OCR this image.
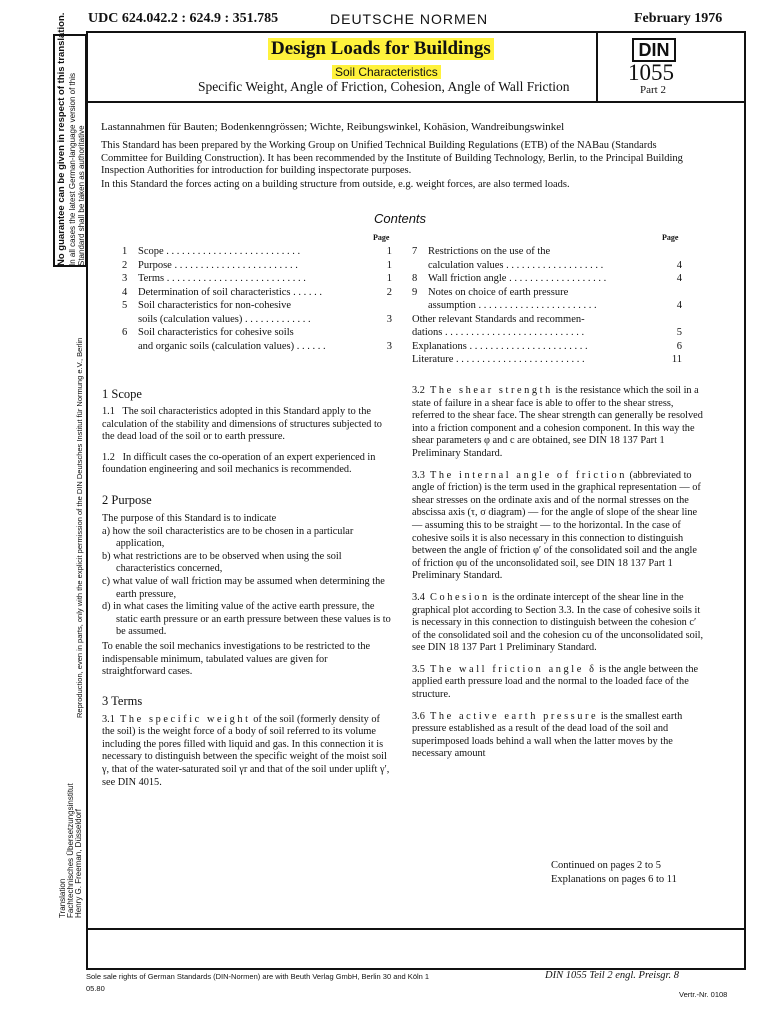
UDC 624.042.2 : 624.9 : 351.785	DEUTSCHE NORMEN	February 1976
Design Loads for Buildings
Soil Characteristics
Specific Weight, Angle of Friction, Cohesion, Angle of Wall Friction
DIN
1055
Part 2
No guarantee can be given in respect of this translation. In all cases the latest German-language version of this Standard shall be taken as authoritative
Reproduction, even in parts, only with the explicit permission of the DIN Deutsches Institut für Normung e.V., Berlin
Translation Fachtechnisches Übersetzungsinstitut Henry G. Freeman, Düsseldorf
Lastannahmen für Bauten; Bodenkenngrössen; Wichte, Reibungswinkel, Kohäsion, Wandreibungswinkel
This Standard has been prepared by the Working Group on Unified Technical Building Regulations (ETB) of the NABau (Standards Committee for Building Construction). It has been recommended by the Institute of Building Technology, Berlin, to the Principal Building Inspection Authorities for introduction for building inspectorate purposes.
In this Standard the forces acting on a building structure from outside, e.g. weight forces, are also termed loads.
Contents
Page	Page
1 Scope . . . . . . . . . . . . . . . . . . . . . . . . . .	1
2 Purpose . . . . . . . . . . . . . . . . . . . . . . . .	1
3 Terms . . . . . . . . . . . . . . . . . . . . . . . . . . .	1
4 Determination of soil characteristics . . . . . .	2
5 Soil characteristics for non-cohesive
soils (calculation values) . . . . . . . . . . . . .	3
6 Soil characteristics for cohesive soils
and organic soils (calculation values) . . . . . .	3
7 Restrictions on the use of the
calculation values . . . . . . . . . . . . . . . . . . .	4
8 Wall friction angle . . . . . . . . . . . . . . . . . . .	4
9 Notes on choice of earth pressure
assumption . . . . . . . . . . . . . . . . . . . . . . .	4
Other relevant Standards and recommen-
dations . . . . . . . . . . . . . . . . . . . . . . . . . . .	5
Explanations . . . . . . . . . . . . . . . . . . . . . . .	6
Literature . . . . . . . . . . . . . . . . . . . . . . . . .	11
1 Scope
1.1 The soil characteristics adopted in this Standard apply to the calculation of the stability and dimensions of structures subjected to the dead load of the soil or to earth pressure.
1.2 In difficult cases the co-operation of an expert experienced in foundation engineering and soil mechanics is recommended.
2 Purpose
The purpose of this Standard is to indicate
a) how the soil characteristics are to be chosen in a particular application,
b) what restrictions are to be observed when using the soil characteristics concerned,
c) what value of wall friction may be assumed when determining the earth pressure,
d) in what cases the limiting value of the active earth pressure, the static earth pressure or an earth pressure between these values is to be assumed.
To enable the soil mechanics investigations to be restricted to the indispensable minimum, tabulated values are given for straightforward cases.
3 Terms
3.1 The specific weight of the soil (formerly density of the soil) is the weight force of a body of soil referred to its volume including the pores filled with liquid and gas. In this connection it is necessary to distinguish between the specific weight of the moist soil γ, that of the water-saturated soil γr and that of the soil under uplift γ′, see DIN 4015.
3.2 The shear strength is the resistance which the soil in a state of failure in a shear face is able to offer to the shear stress, referred to the shear face. The shear strength can generally be resolved into a friction component and a cohesion component. In this way the shear parameters φ and c are obtained, see DIN 18 137 Part 1 Preliminary Standard.
3.3 The internal angle of friction (abbreviated to angle of friction) is the term used in the graphical representation — of shear stresses on the ordinate axis and of the normal stresses on the abscissa axis (τ, σ diagram) — for the angle of slope of the shear line — assuming this to be straight — to the horizontal. In the case of cohesive soils it is also necessary in this connection to distinguish between the angle of friction φ′ of the consolidated soil and the angle of friction φu of the unconsolidated soil, see DIN 18 137 Part 1 Preliminary Standard.
3.4 Cohesion is the ordinate intercept of the shear line in the graphical plot according to Section 3.3. In the case of cohesive soils it is necessary in this connection to distinguish between the cohesion c′ of the consolidated soil and the cohesion cu of the unconsolidated soil, see DIN 18 137 Part 1 Preliminary Standard.
3.5 The wall friction angle δ is the angle between the applied earth pressure load and the normal to the loaded face of the structure.
3.6 The active earth pressure is the smallest earth pressure established as a result of the dead load of the soil and superimposed loads behind a wall when the latter moves by the necessary amount
Continued on pages 2 to 5
Explanations on pages 6 to 11
Sole sale rights of German Standards (DIN-Normen) are with Beuth Verlag GmbH, Berlin 30 and Köln 1
05.80
DIN 1055 Teil 2 engl. Preisgr. 8
Vertr.-Nr. 0108
